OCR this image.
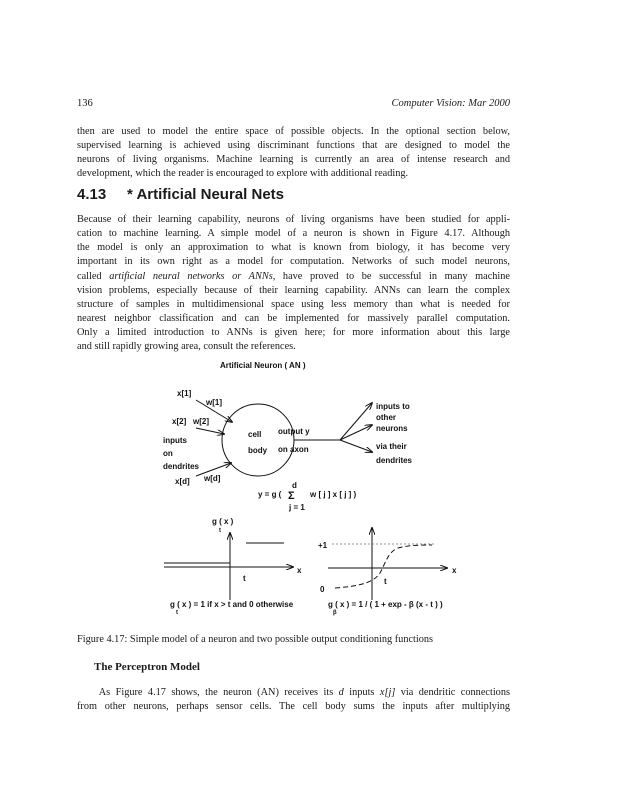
136	Computer Vision: Mar 2000
then are used to model the entire space of possible objects. In the optional section below,
supervised learning is achieved using discriminant functions that are designed to model the
neurons of living organisms. Machine learning is currently an area of intense research and
development, which the reader is encouraged to explore with additional reading.
4.13 * Artificial Neural Nets
Because of their learning capability, neurons of living organisms have been studied for appli-
cation to machine learning. A simple model of a neuron is shown in Figure 4.17. Although
the model is only an approximation to what is known from biology, it has become very
important in its own right as a model for computation. Networks of such model neurons,
called artificial neural networks or ANNs, have proved to be successful in many machine
vision problems, especially because of their learning capability. ANNs can learn the complex
structure of samples in multidimensional space using less memory than what is needed for
nearest neighbor classification and can be implemented for massively parallel computation.
Only a limited introduction to ANNs is given here; for more information about this large
and still rapidly growing area, consult the references.
Artificial Neuron ( AN )
x[1]
w[1]
x[2] w[2]
inputs
on
dendrites
x[d] w[d]
cell
body
output y
on axon
inputs to
other
neurons
via their
dendrites
d
y = g ( Σ w [ j ] x [ j ] )
j = 1
g ( x )
t
x
t
g ( x ) = 1 if x > t and 0 otherwise
t
+1
0
x
t
g ( x ) = 1 / ( 1 + exp - β (x - t ) )
β
Figure 4.17: Simple model of a neuron and two possible output conditioning functions
The Perceptron Model
As Figure 4.17 shows, the neuron (AN) receives its d inputs x[j] via dendritic connections
from other neurons, perhaps sensor cells. The cell body sums the inputs after multiplying
